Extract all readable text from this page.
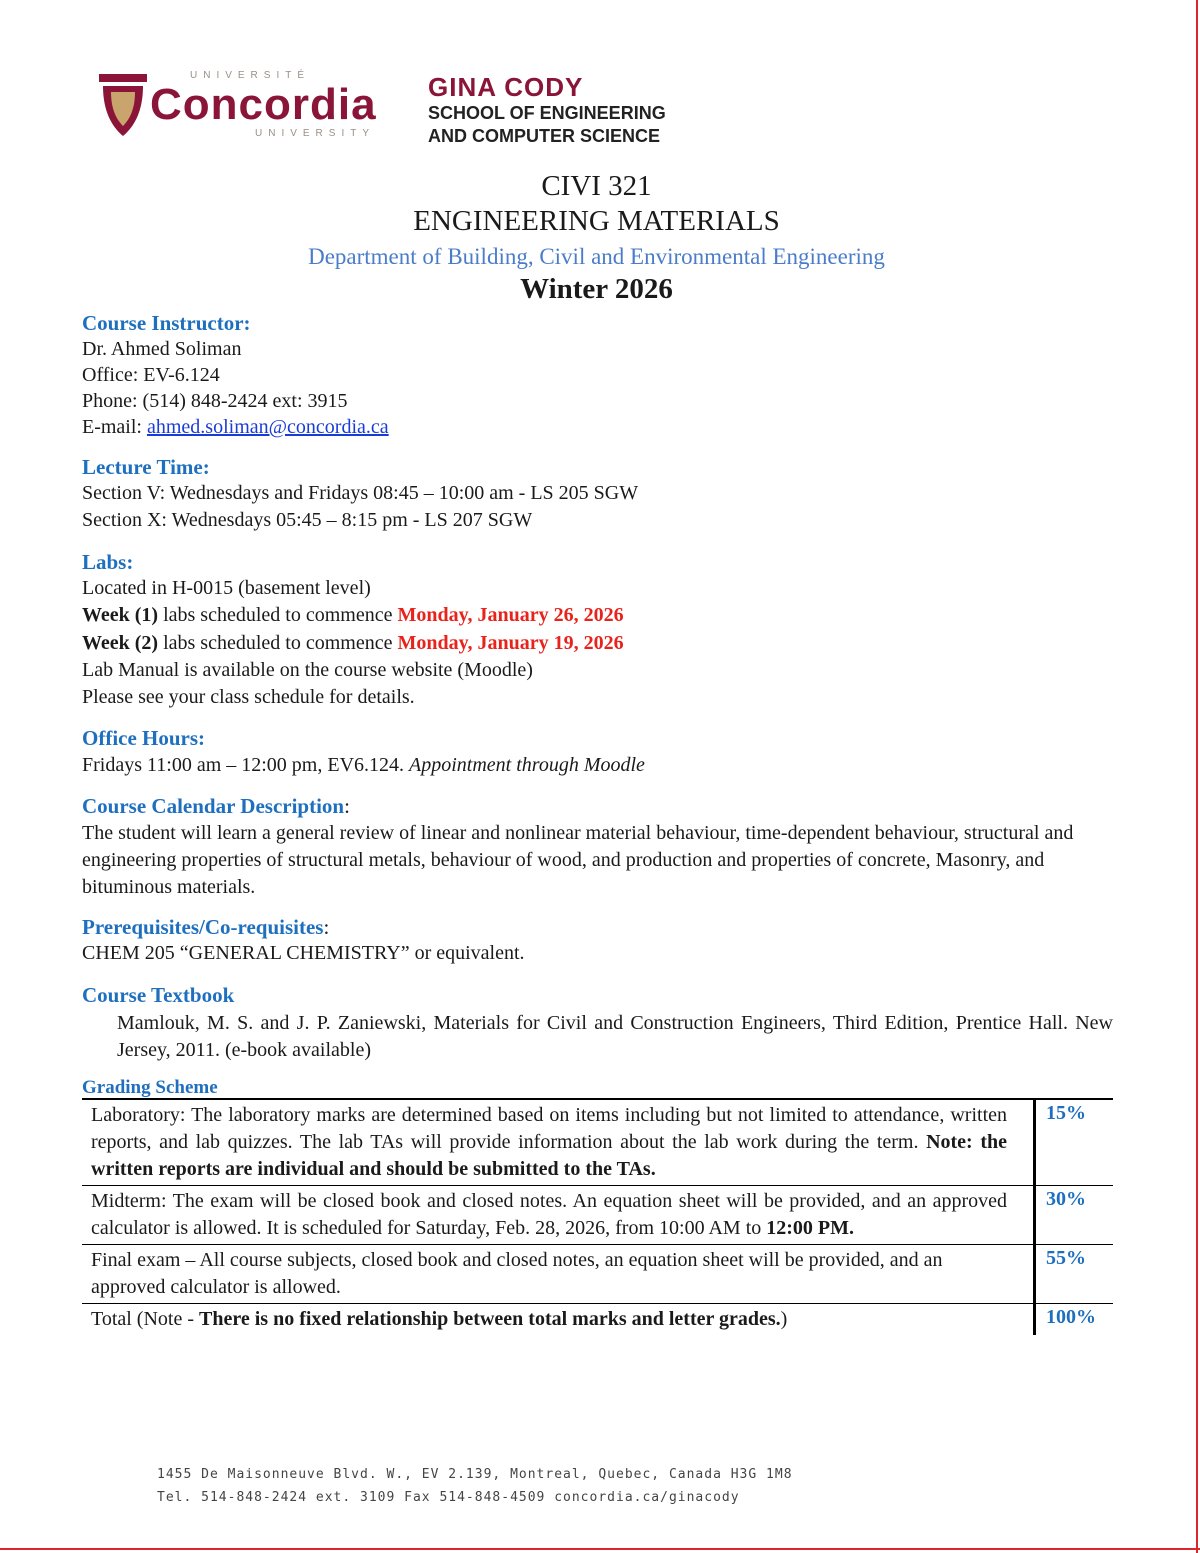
UNIVERSITÉ
Concordia
UNIVERSITY
GINA CODY
SCHOOL OF ENGINEERING
AND COMPUTER SCIENCE
CIVI 321
ENGINEERING MATERIALS
Department of Building, Civil and Environmental Engineering
Winter 2026
Course Instructor:
Dr. Ahmed Soliman
Office: EV-6.124
Phone: (514) 848-2424 ext: 3915
E-mail: ahmed.soliman@concordia.ca
Lecture Time:
Section V: Wednesdays and Fridays 08:45 – 10:00 am - LS 205 SGW
Section X: Wednesdays 05:45 – 8:15 pm - LS 207 SGW
Labs:
Located in H-0015 (basement level)
Week (1) labs scheduled to commence Monday, January 26, 2026
Week (2) labs scheduled to commence Monday, January 19, 2026
Lab Manual is available on the course website (Moodle)
Please see your class schedule for details.
Office Hours:
Fridays 11:00 am – 12:00 pm, EV6.124. Appointment through Moodle
Course Calendar Description:
The student will learn a general review of linear and nonlinear material behaviour, time-dependent behaviour, structural and engineering properties of structural metals, behaviour of wood, and production and properties of concrete, Masonry, and bituminous materials.
Prerequisites/Co-requisites:
CHEM 205 “GENERAL CHEMISTRY” or equivalent.
Course Textbook
Mamlouk, M. S. and J. P. Zaniewski, Materials for Civil and Construction Engineers, Third Edition, Prentice Hall. New Jersey, 2011. (e-book available)
Grading Scheme
Laboratory: The laboratory marks are determined based on items including but not limited to attendance, written reports, and lab quizzes. The lab TAs will provide information about the lab work during the term. Note: the written reports are individual and should be submitted to the TAs.
15%
Midterm: The exam will be closed book and closed notes. An equation sheet will be provided, and an approved calculator is allowed. It is scheduled for Saturday, Feb. 28, 2026, from 10:00 AM to 12:00 PM.
30%
Final exam – All course subjects, closed book and closed notes, an equation sheet will be provided, and an approved calculator is allowed.
55%
Total (Note - There is no fixed relationship between total marks and letter grades.)	100%
1455 De Maisonneuve Blvd. W., EV 2.139, Montreal, Quebec, Canada H3G 1M8
Tel. 514-848-2424 ext. 3109 Fax 514-848-4509 concordia.ca/ginacody
